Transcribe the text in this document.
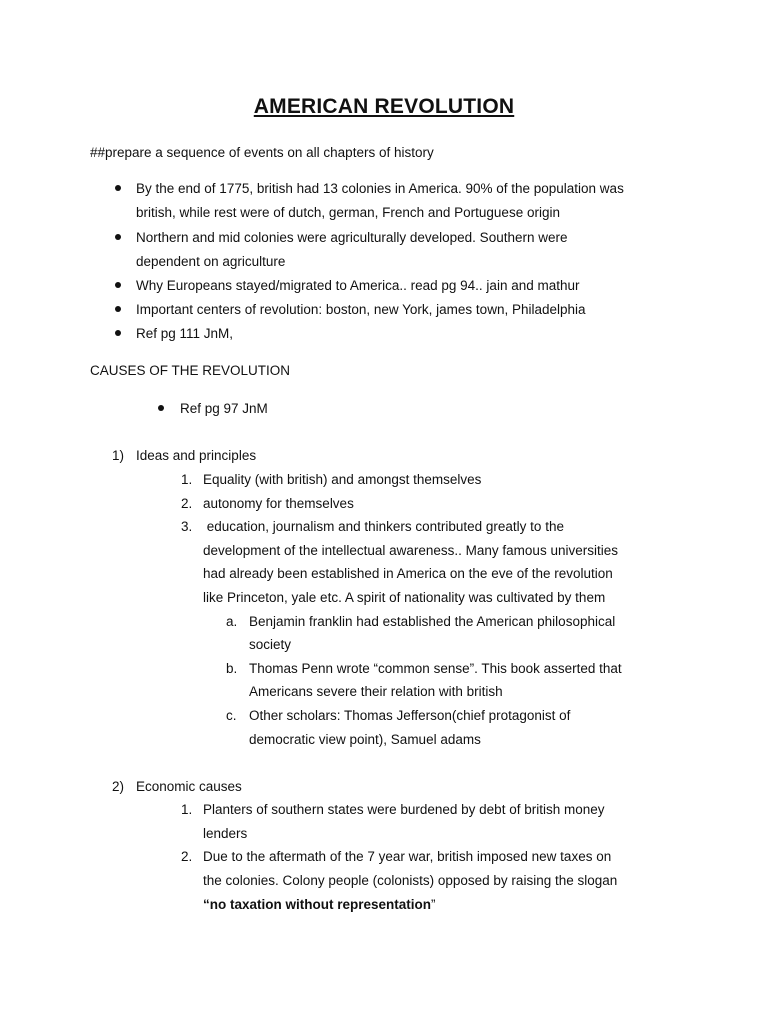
AMERICAN REVOLUTION
##prepare a sequence of events on all chapters of history
By the end of 1775, british had 13 colonies in America. 90% of the population was
british, while rest were of dutch, german, French and Portuguese origin
Northern and mid colonies were agriculturally developed. Southern were
dependent on agriculture
Why Europeans stayed/migrated to America.. read pg 94.. jain and mathur
Important centers of revolution: boston, new York, james town, Philadelphia
Ref pg 111 JnM,
CAUSES OF THE REVOLUTION
Ref pg 97 JnM
1) Ideas and principles
1. Equality (with british) and amongst themselves
2. autonomy for themselves
3. education, journalism and thinkers contributed greatly to the
development of the intellectual awareness.. Many famous universities
had already been established in America on the eve of the revolution
like Princeton, yale etc. A spirit of nationality was cultivated by them
a. Benjamin franklin had established the American philosophical
society
b. Thomas Penn wrote “common sense”. This book asserted that
Americans severe their relation with british
c. Other scholars: Thomas Jefferson(chief protagonist of
democratic view point), Samuel adams
2) Economic causes
1. Planters of southern states were burdened by debt of british money
lenders
2. Due to the aftermath of the 7 year war, british imposed new taxes on
the colonies. Colony people (colonists) opposed by raising the slogan
“no taxation without representation”
